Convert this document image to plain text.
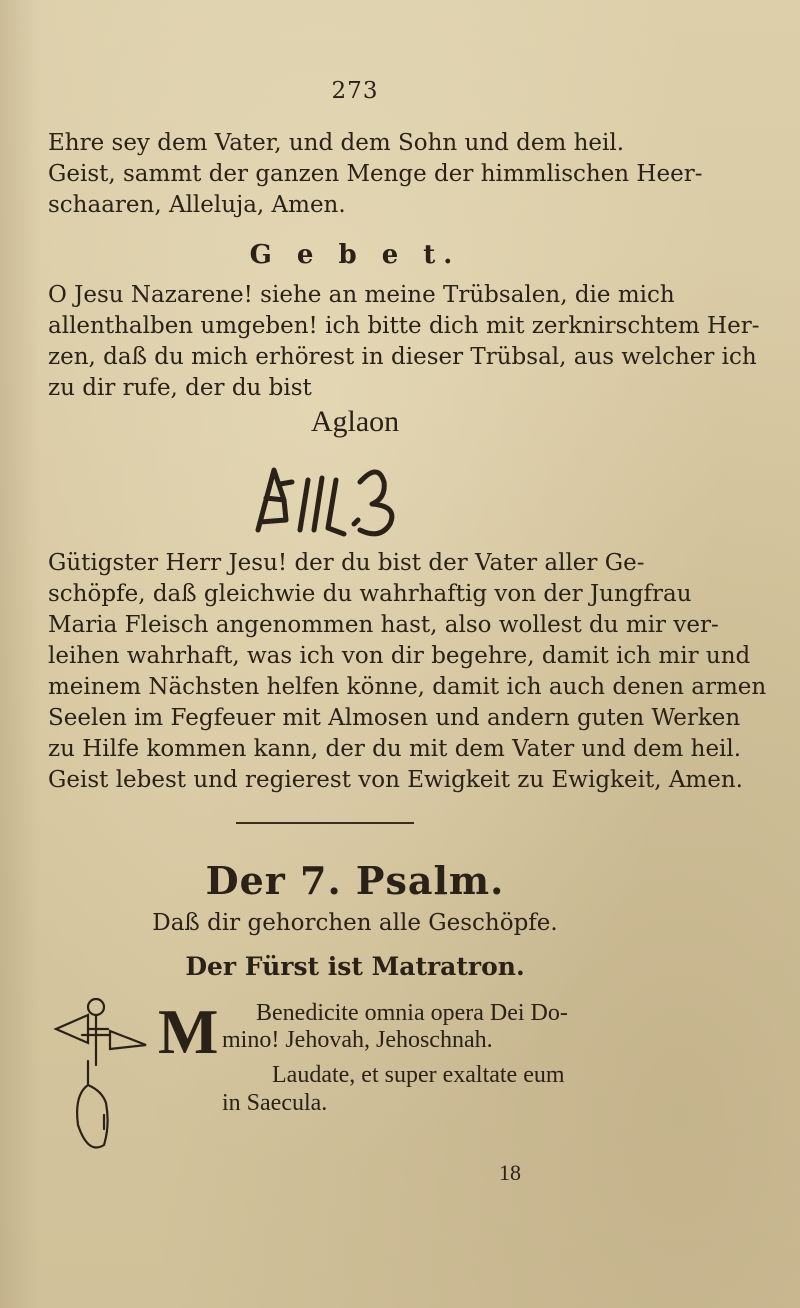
273
Ehre sey dem Vater, und dem Sohn und dem heil.
Geist, sammt der ganzen Menge der himmlischen Heer-
schaaren, Alleluja, Amen.
G e b e t.
O Jesu Nazarene! siehe an meine Trübsalen, die mich
allenthalben umgeben! ich bitte dich mit zerknirschtem Her-
zen, daß du mich erhörest in dieser Trübsal, aus welcher ich
zu dir rufe, der du bist
Aglaon
Gütigster Herr Jesu! der du bist der Vater aller Ge-
schöpfe, daß gleichwie du wahrhaftig von der Jungfrau
Maria Fleisch angenommen hast, also wollest du mir ver-
leihen wahrhaft, was ich von dir begehre, damit ich mir und
meinem Nächsten helfen könne, damit ich auch denen armen
Seelen im Fegfeuer mit Almosen und andern guten Werken
zu Hilfe kommen kann, der du mit dem Vater und dem heil.
Geist lebest und regierest von Ewigkeit zu Ewigkeit, Amen.
Der 7. Psalm.
Daß dir gehorchen alle Geschöpfe.
Der Fürst ist Matratron.
M Benedicite omnia opera Dei Do-
mino! Jehovah, Jehoschnah.
Laudate, et super exaltate eum
in Saecula.
18
